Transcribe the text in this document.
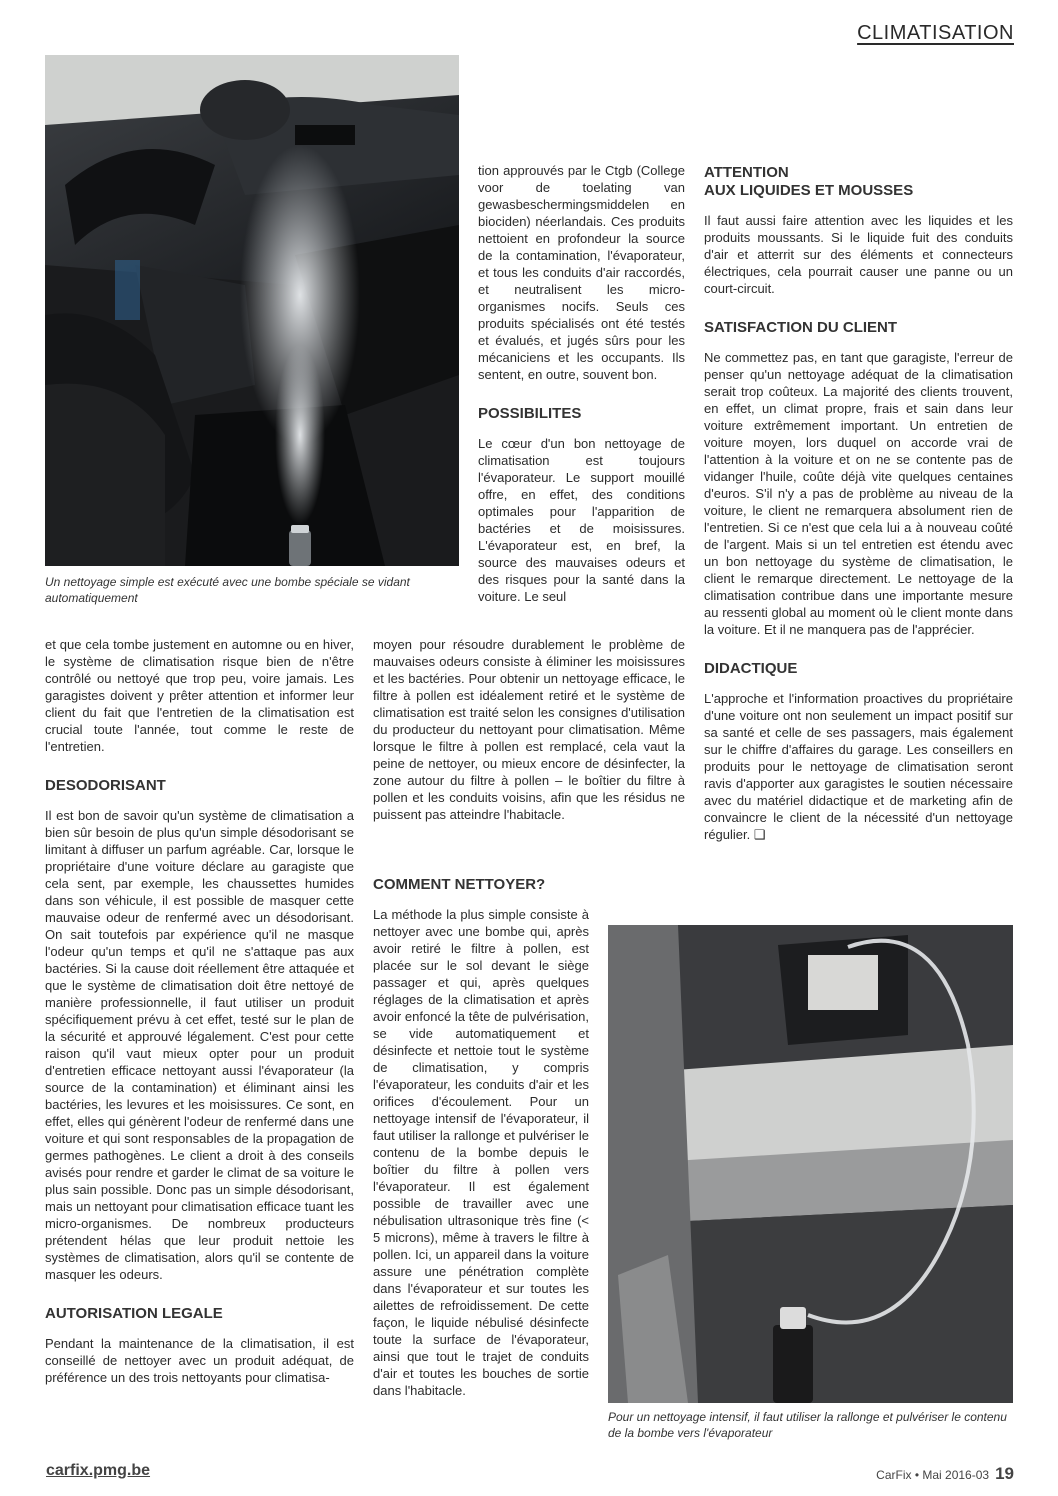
CLIMATISATION
Un nettoyage simple est exécuté avec une bombe spéciale se vidant automatiquement

et que cela tombe justement en automne ou en hiver, le système de climatisation risque bien de n'être contrôlé ou nettoyé que trop peu, voire jamais. Les garagistes doivent y prêter attention et informer leur client du fait que l'entretien de la climatisation est crucial toute l'année, tout comme le reste de l'entretien.

DESODORISANT

Il est bon de savoir qu'un système de climatisation a bien sûr besoin de plus qu'un simple désodorisant se limitant à diffuser un parfum agréable. Car, lorsque le propriétaire d'une voiture déclare au garagiste que cela sent, par exemple, les chaussettes humides dans son véhicule, il est possible de masquer cette mauvaise odeur de renfermé avec un désodorisant. On sait toutefois par expérience qu'il ne masque l'odeur qu'un temps et qu'il ne s'attaque pas aux bactéries. Si la cause doit réellement être attaquée et que le système de climatisation doit être nettoyé de manière professionnelle, il faut utiliser un produit spécifiquement prévu à cet effet, testé sur le plan de la sécurité et approuvé légalement. C'est pour cette raison qu'il vaut mieux opter pour un produit d'entretien efficace nettoyant aussi l'évaporateur (la source de la contamination) et éliminant ainsi les bactéries, les levures et les moisissures. Ce sont, en effet, elles qui génèrent l'odeur de renfermé dans une voiture et qui sont responsables de la propagation de germes pathogènes. Le client a droit à des conseils avisés pour rendre et garder le climat de sa voiture le plus sain possible. Donc pas un simple désodorisant, mais un nettoyant pour climatisation efficace tuant les micro-organismes. De nombreux producteurs prétendent hélas que leur produit nettoie les systèmes de climatisation, alors qu'il se contente de masquer les odeurs.

AUTORISATION LEGALE

Pendant la maintenance de la climatisation, il est conseillé de nettoyer avec un produit adéquat, de préférence un des trois nettoyants pour climatisa-

tion approuvés par le Ctgb (College voor de toelating van gewasbeschermingsmiddelen en biociden) néerlandais. Ces produits nettoient en profondeur la source de la contamination, l'évaporateur, et tous les conduits d'air raccordés, et neutralisent les micro-organismes nocifs. Seuls ces produits spécialisés ont été testés et évalués, et jugés sûrs pour les mécaniciens et les occupants. Ils sentent, en outre, souvent bon.

POSSIBILITES

Le cœur d'un bon nettoyage de climatisation est toujours l'évaporateur. Le support mouillé offre, en effet, des conditions optimales pour l'apparition de bactéries et de moisissures. L'évaporateur est, en bref, la source des mauvaises odeurs et des risques pour la santé dans la voiture. Le seul

moyen pour résoudre durablement le problème de mauvaises odeurs consiste à éliminer les moisissures et les bactéries. Pour obtenir un nettoyage efficace, le filtre à pollen est idéalement retiré et le système de climatisation est traité selon les consignes d'utilisation du producteur du nettoyant pour climatisation. Même lorsque le filtre à pollen est remplacé, cela vaut la peine de nettoyer, ou mieux encore de désinfecter, la zone autour du filtre à pollen – le boîtier du filtre à pollen et les conduits voisins, afin que les résidus ne puissent pas atteindre l'habitacle.

COMMENT NETTOYER?

La méthode la plus simple consiste à nettoyer avec une bombe qui, après avoir retiré le filtre à pollen, est placée sur le sol devant le siège passager et qui, après quelques réglages de la climatisation et après avoir enfoncé la tête de pulvérisation, se vide automatiquement et désinfecte et nettoie tout le système de climatisation, y compris l'évaporateur, les conduits d'air et les orifices d'écoulement. Pour un nettoyage intensif de l'évaporateur, il faut utiliser la rallonge et pulvériser le contenu de la bombe depuis le boîtier du filtre à pollen vers l'évaporateur. Il est également possible de travailler avec une nébulisation ultrasonique très fine (< 5 microns), même à travers le filtre à pollen. Ici, un appareil dans la voiture assure une pénétration complète dans l'évaporateur et sur toutes les ailettes de refroidissement. De cette façon, le liquide nébulisé désinfecte toute la surface de l'évaporateur, ainsi que tout le trajet de conduits d'air et toutes les bouches de sortie dans l'habitacle.

ATTENTION
AUX LIQUIDES ET MOUSSES

Il faut aussi faire attention avec les liquides et les produits moussants. Si le liquide fuit des conduits d'air et atterrit sur des éléments et connecteurs électriques, cela pourrait causer une panne ou un court-circuit.

SATISFACTION DU CLIENT

Ne commettez pas, en tant que garagiste, l'erreur de penser qu'un nettoyage adéquat de la climatisation serait trop coûteux. La majorité des clients trouvent, en effet, un climat propre, frais et sain dans leur voiture extrêmement important. Un entretien de voiture moyen, lors duquel on accorde vrai de l'attention à la voiture et on ne se contente pas de vidanger l'huile, coûte déjà vite quelques centaines d'euros. S'il n'y a pas de problème au niveau de la voiture, le client ne remarquera absolument rien de l'entretien. Si ce n'est que cela lui a à nouveau coûté de l'argent. Mais si un tel entretien est étendu avec un bon nettoyage du système de climatisation, le client le remarque directement. Le nettoyage de la climatisation contribue dans une importante mesure au ressenti global au moment où le client monte dans la voiture. Et il ne manquera pas de l'apprécier.

DIDACTIQUE

L'approche et l'information proactives du propriétaire d'une voiture ont non seulement un impact positif sur sa santé et celle de ses passagers, mais également sur le chiffre d'affaires du garage. Les conseillers en produits pour le nettoyage de climatisation seront ravis d'apporter aux garagistes le soutien nécessaire avec du matériel didactique et de marketing afin de convaincre le client de la nécessité d'un nettoyage régulier. ❑

Pour un nettoyage intensif, il faut utiliser la rallonge et pulvériser le contenu de la bombe vers l'évaporateur
carfix.pmg.be	CarFix • Mai 2016-03 19
